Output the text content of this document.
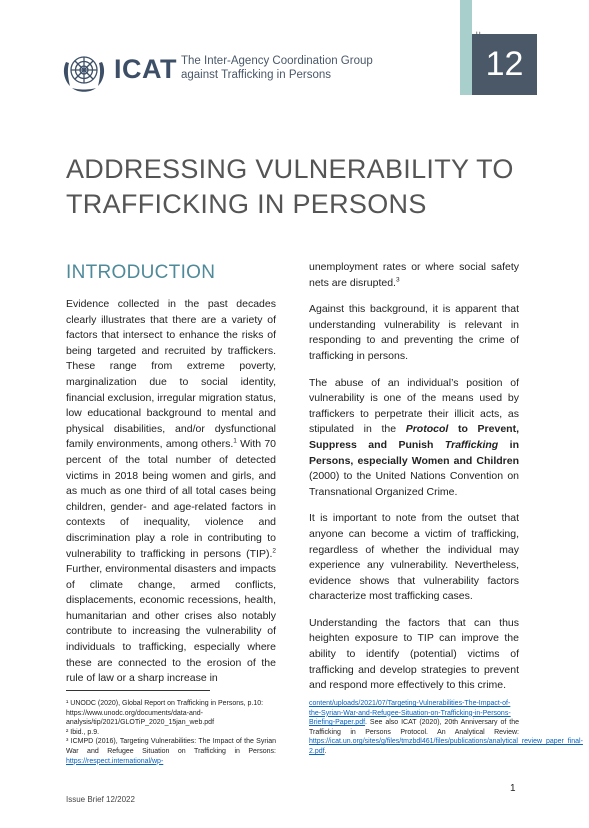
12
ICAT The Inter-Agency Coordination Group
against Trafficking in Persons
ADDRESSING VULNERABILITY TO
TRAFFICKING IN PERSONS
INTRODUCTION

Evidence collected in the past decades clearly illustrates that there are a variety of factors that intersect to enhance the risks of being targeted and recruited by traffickers. These range from extreme poverty, marginalization due to social identity, financial exclusion, irregular migration status, low educational background to mental and physical disabilities, and/or dysfunctional family environments, among others.$^1$ With 70 percent of the total number of detected victims in 2018 being women and girls, and as much as one third of all total cases being children, gender- and age-related factors in contexts of inequality, violence and discrimination play a role in contributing to vulnerability to trafficking in persons (TIP).$^2$ Further, environmental disasters and impacts of climate change, armed conflicts, displacements, economic recessions, health, humanitarian and other crises also notably contribute to increasing the vulnerability of individuals to trafficking, especially where these are connected to the erosion of the rule of law or a sharp increase in

unemployment rates or where social safety nets are disrupted.$^3$

Against this background, it is apparent that understanding vulnerability is relevant in responding to and preventing the crime of trafficking in persons.

The abuse of an individual’s position of vulnerability is one of the means used by traffickers to perpetrate their illicit acts, as stipulated in the Protocol to Prevent, Suppress and Punish Trafficking in Persons, especially Women and Children (2000) to the United Nations Convention on Transnational Organized Crime.

It is important to note from the outset that anyone can become a victim of trafficking, regardless of whether the individual may experience any vulnerability. Nevertheless, evidence shows that vulnerability factors characterize most trafficking cases.

Understanding the factors that can thus heighten exposure to TIP can improve the ability to identify (potential) victims of trafficking and develop strategies to prevent and respond more effectively to this crime.

¹ UNODC (2020), Global Report on Trafficking in Persons, p.10: https://www.unodc.org/documents/data-and-analysis/tip/2021/GLOTiP_2020_15jan_web.pdf
² Ibid., p.9.
³ ICMPD (2016), Targeting Vulnerabilities: The Impact of the Syrian War and Refugee Situation on Trafficking in Persons: https://respect.international/wp-
content/uploads/2021/07/Targeting-Vulnerabilities-The-Impact-of-the-Syrian-War-and-Refugee-Situation-on-Trafficking-in-Persons-Briefing-Paper.pdf. See also ICAT (2020), 20th Anniversary of the Trafficking in Persons Protocol. An Analytical Review: https://icat.un.org/sites/g/files/tmzbdl461/files/publications/analytical_review_paper_final-2.pdf.
1
Issue Brief 12/2022
